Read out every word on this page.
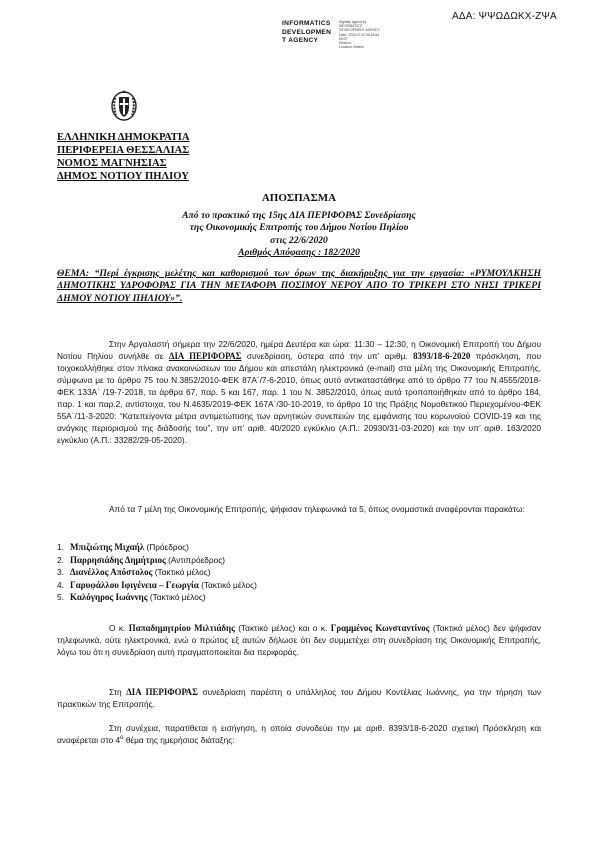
ΑΔΑ: ΨΨΩΔΩΚΧ-ΖΨΑ
INFORMATICS
DEVELOPMEN
T AGENCY
Digitally signed by
INFORMATICS
DEVELOPMENT AGENCY
Date: 2020.07.02 08:18:54
EEST
Reason:
Location: Athens
ΕΛΛΗΝΙΚΗ ΔΗΜΟΚΡΑΤΙΑ
ΠΕΡΙΦΕΡΕΙΑ ΘΕΣΣΑΛΙΑΣ
ΝΟΜΟΣ ΜΑΓΝΗΣΙΑΣ
ΔΗΜΟΣ ΝΟΤΙΟΥ ΠΗΛΙΟΥ
ΑΠΟΣΠΑΣΜΑ
Από το πρακτικό της 15ης ΔΙΑ ΠΕΡΙΦΟΡΑΣ Συνεδρίασης
της Οικονομικής Επιτροπής του Δήμου Νοτίου Πηλίου
στις 22/6/2020
Αριθμός Απόφασης : 182/2020
ΘΕΜΑ: “Περί έγκρισης μελέτης και καθορισμού των όρων της διακήρυξης για την εργασία: «ΡΥΜΟΥΛΚΗΣΗ ΔΗΜΟΤΙΚΗΣ ΥΔΡΟΦΟΡΑΣ ΓΙΑ ΤΗΝ ΜΕΤΑΦΟΡΑ ΠΟΣΙΜΟΥ ΝΕΡΟΥ ΑΠΟ ΤΟ ΤΡΙΚΕΡΙ ΣΤΟ ΝΗΣΙ ΤΡΙΚΕΡΙ ΔΗΜΟΥ ΝΟΤΙΟΥ ΠΗΛΙΟΥ»”.
Στην Αργαλαστή σήμερα την 22/6/2020, ημέρα Δευτέρα και ώρα: 11:30 – 12:30, η Οικονομική Επιτροπή του Δήμου Νοτίου Πηλίου συνήλθε σε ΔΙΑ ΠΕΡΙΦΟΡΑΣ συνεδρίαση, ύστερα από την υπ’ αριθμ. 8393/18-6-2020 πρόσκληση, που τοιχοκολλήθηκε στον πίνακα ανακοινώσεων του Δήμου και απεστάλη ηλεκτρονικά (e-mail) στα μέλη της Οικονομικής Επιτροπής, σύμφωνα με το άρθρο 75 του Ν.3852/2010-ΦΕΚ 87Α΄/7-6-2010, όπως αυτό αντικαταστάθηκε από το άρθρο 77 του Ν.4555/2018-ΦΕΚ 133Α΄ /19-7-2018, τα άρθρα 67, παρ. 5 και 167, παρ. 1 του Ν. 3852/2010, όπως αυτά τροποποιήθηκαν από το άρθρο 184, παρ. 1 και παρ.2, αντίστοιχα, του Ν.4635/2019-ΦΕΚ 167Α΄/30-10-2019, το άρθρο 10 της Πράξης Νομοθετικού Περιεχομένου-ΦΕΚ 55Α΄/11-3-2020: “Κατεπείγοντα μέτρα αντιμετώπισης των αρνητικών συνεπειών της εμφάνισης του κορωνοϊού COVID-19 και της ανάγκης περιορισμού της διάδοσής του”, την υπ’ αριθ. 40/2020 εγκύκλιο (Α.Π.: 20930/31-03-2020) και την υπ’ αριθ. 163/2020 εγκύκλιο (Α.Π.: 33282/29-05-2020).
Από τα 7 μέλη της Οικονομικής Επιτροπής, ψήφισαν τηλεφωνικά τα 5, όπως ονομαστικά αναφέρονται παρακάτω:
1. Μπιζιώτης Μιχαήλ (Πρόεδρος)
2. Παρρησιάδης Δημήτριος (Αντιπρόεδρος)
3. Διανέλλος Απόστολος (Τακτικό μέλος)
4. Γαρυφάλλου Ιφιγένεια – Γεωργία (Τακτικό μέλος)
5. Καλόγηρος Ιωάννης (Τακτικό μέλος)
Ο κ. Παπαδημητρίου Μιλτιάδης (Τακτικό μέλος) και ο κ. Γραμμένος Κωνσταντίνος (Τακτικό μέλος) δεν ψήφισαν τηλεφωνικά, ούτε ηλεκτρονικά, ενώ ο πρώτος εξ αυτών δήλωσε ότι δεν συμμετέχει στη συνεδρίαση της Οικονομικής Επιτροπής, λόγω του ότι η συνεδρίαση αυτή πραγματοποιείται δια περιφοράς.
Στη ΔΙΑ ΠΕΡΙΦΟΡΑΣ συνεδρίαση παρέστη ο υπάλληλος του Δήμου Κοντέλιας Ιωάννης, για την τήρηση των πρακτικών της Επιτροπής.
Στη συνέχεια, παρατίθεται η εισήγηση, η οποία συνοδεύει την με αριθ. 8393/18-6-2020 σχετική Πρόσκληση και αναφέρεται στο $4^o$ θέμα της ημερήσιας διάταξης:
